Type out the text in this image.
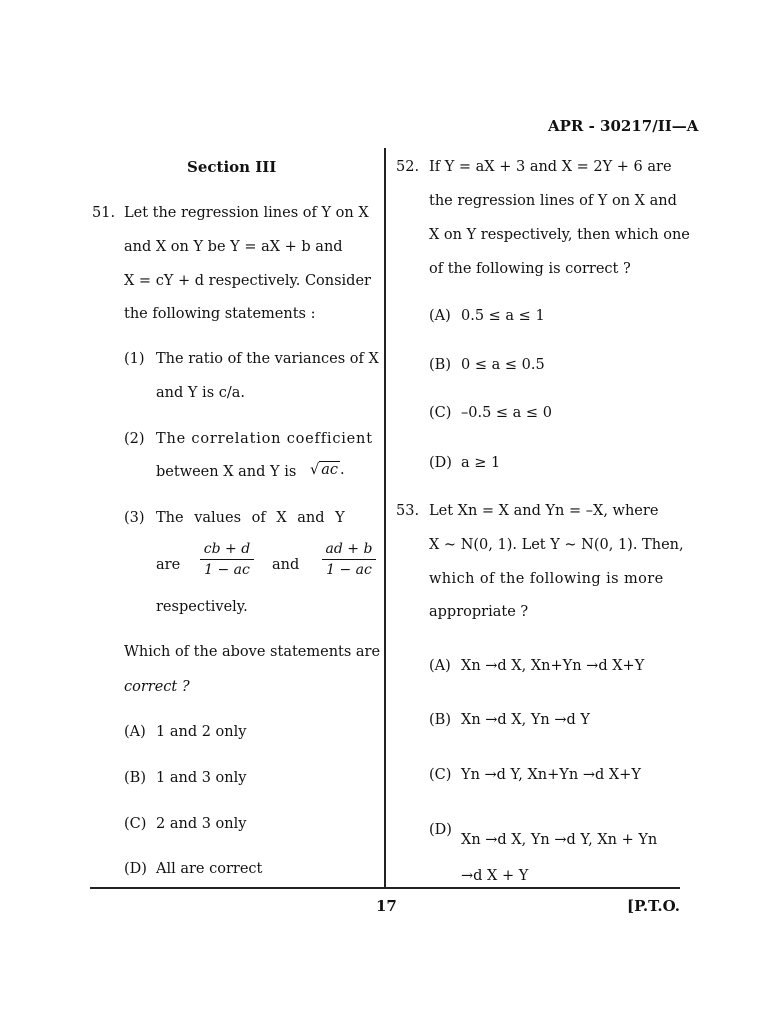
APR - 30217/II—A
Section III
51. Let the regression lines of Y on X
and X on Y be Y = aX + b and
X = cY + d respectively. Consider
the following statements :
(1) The ratio of the variances of X
and Y is c/a.
(2) The correlation coefficient
between X and Y is √ ac .
(3) The values of X and Y
are $\frac{cb + d}{1 - ac}$ and $\frac{ad + b}{1 - ac}$
respectively.
Which of the above statements are
correct ?
(A) 1 and 2 only
(B) 1 and 3 only
(C) 2 and 3 only
(D) All are correct
52. If Y = aX + 3 and X = 2Y + 6 are
the regression lines of Y on X and
X on Y respectively, then which one
of the following is correct ?
(A) 0.5 ≤ a ≤ 1
(B) 0 ≤ a ≤ 0.5
(C) –0.5 ≤ a ≤ 0
(D) a ≥ 1
53. Let Xn = X and Yn = –X, where
X ~ N(0, 1). Let Y ~ N(0, 1). Then,
which of the following is more
appropriate ?
(A) Xn →d X, Xn+Yn →d X+Y
(B) Xn →d X, Yn →d Y
(C) Yn →d Y, Xn+Yn →d X+Y
(D)
Xn →d X, Yn →d Y, Xn + Yn →d X + Y
17	[P.T.O.
